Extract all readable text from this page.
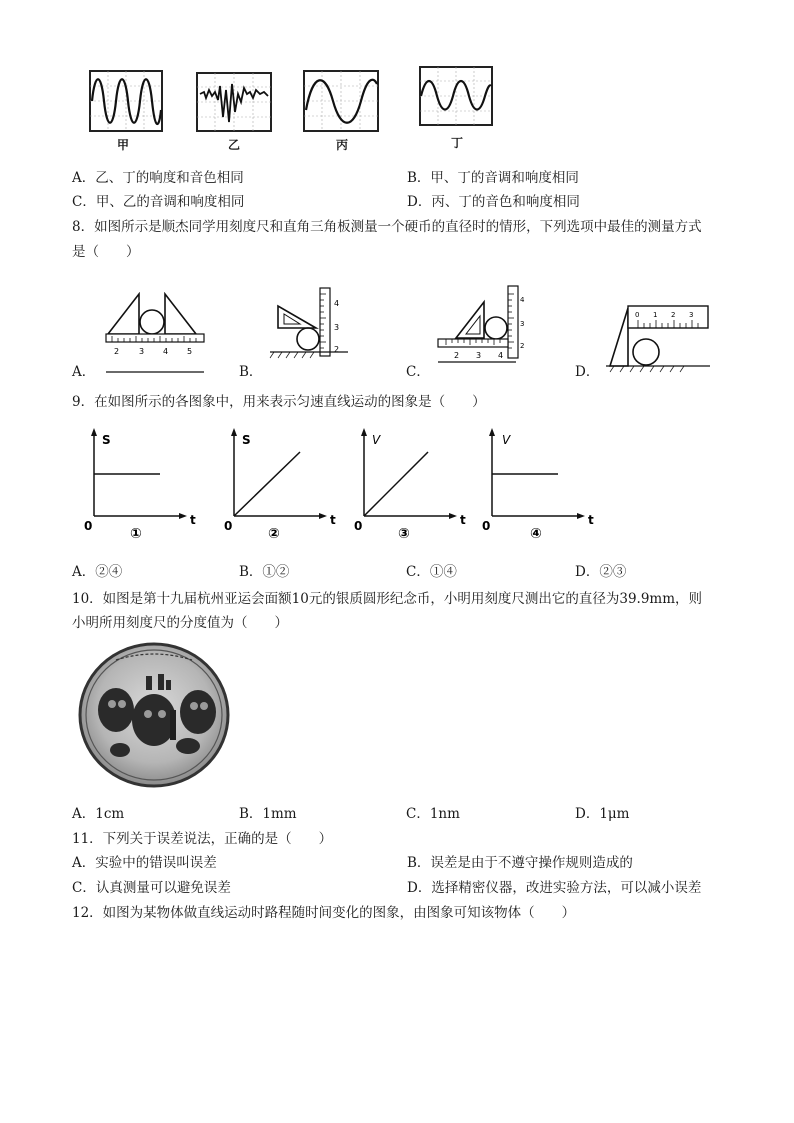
甲	乙	丙	丁
A．乙、丁的响度和音色相同	B．甲、丁的音调和响度相同
C．甲、乙的音调和响度相同	D．丙、丁的音色和响度相同
8．如图所示是顺杰同学用刻度尺和直角三角板测量一个硬币的直径时的情形，下列选项中最佳的测量方式
是（　　）
2 3 4 5
A．
4
3
2
B．
4
3
2
2 3 4
C．
0 1 2 3
D．
9．在如图所示的各图象中，用来表示匀速直线运动的图象是（　　）
S
t
0	①
S
t
0	②
V
t
0	③
V
t
0	④
A．②④	B．①②	C．①④	D．②③
10．如图是第十九届杭州亚运会面额10元的银质圆形纪念币，小明用刻度尺测出它的直径为39.9mm，则
小明所用刻度尺的分度值为（　　）
A．1cm	B．1mm	C．1nm	D．1μm
11．下列关于误差说法，正确的是（　　）
A．实验中的错误叫误差	B．误差是由于不遵守操作规则造成的
C．认真测量可以避免误差	D．选择精密仪器，改进实验方法，可以减小误差
12．如图为某物体做直线运动时路程随时间变化的图象，由图象可知该物体（　　）
